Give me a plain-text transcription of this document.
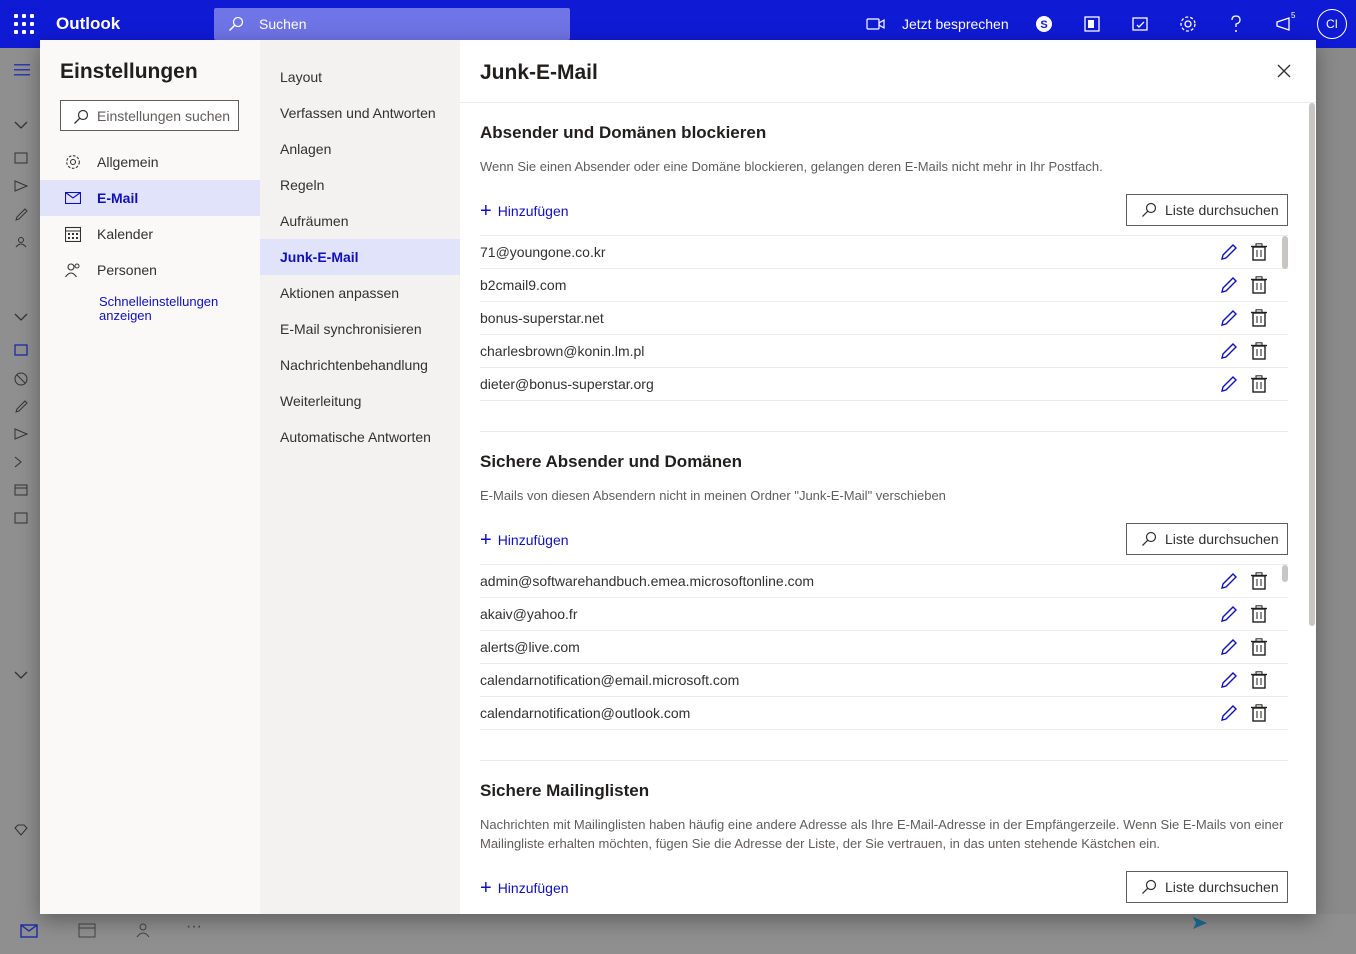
Outlook	Suchen	Jetzt besprechen	S
5
CI
···
Einstellungen
Einstellungen suchen
Allgemein
E-Mail
Kalender
Personen
Schnelleinstellungen anzeigen
Layout
Verfassen und Antworten
Anlagen
Regeln
Aufräumen
Junk-E-Mail
Aktionen anpassen
E-Mail synchronisieren
Nachrichtenbehandlung
Weiterleitung
Automatische Antworten
Junk-E-Mail
Absender und Domänen blockieren
Wenn Sie einen Absender oder eine Domäne blockieren, gelangen deren E-Mails nicht mehr in Ihr Postfach.
+ Hinzufügen	Liste durchsuchen
71@youngone.co.kr
b2cmail9.com
bonus-superstar.net
charlesbrown@konin.lm.pl
dieter@bonus-superstar.org
Sichere Absender und Domänen
E-Mails von diesen Absendern nicht in meinen Ordner "Junk-E-Mail" verschieben
+ Hinzufügen	Liste durchsuchen
admin@softwarehandbuch.emea.microsoftonline.com
akaiv@yahoo.fr
alerts@live.com
calendarnotification@email.microsoft.com
calendarnotification@outlook.com
Sichere Mailinglisten
Nachrichten mit Mailinglisten haben häufig eine andere Adresse als Ihre E-Mail-Adresse in der Empfängerzeile. Wenn Sie E-Mails von einer Mailingliste erhalten möchten, fügen Sie die Adresse der Liste, der Sie vertrauen, in das unten stehende Kästchen ein.
+ Hinzufügen	Liste durchsuchen
